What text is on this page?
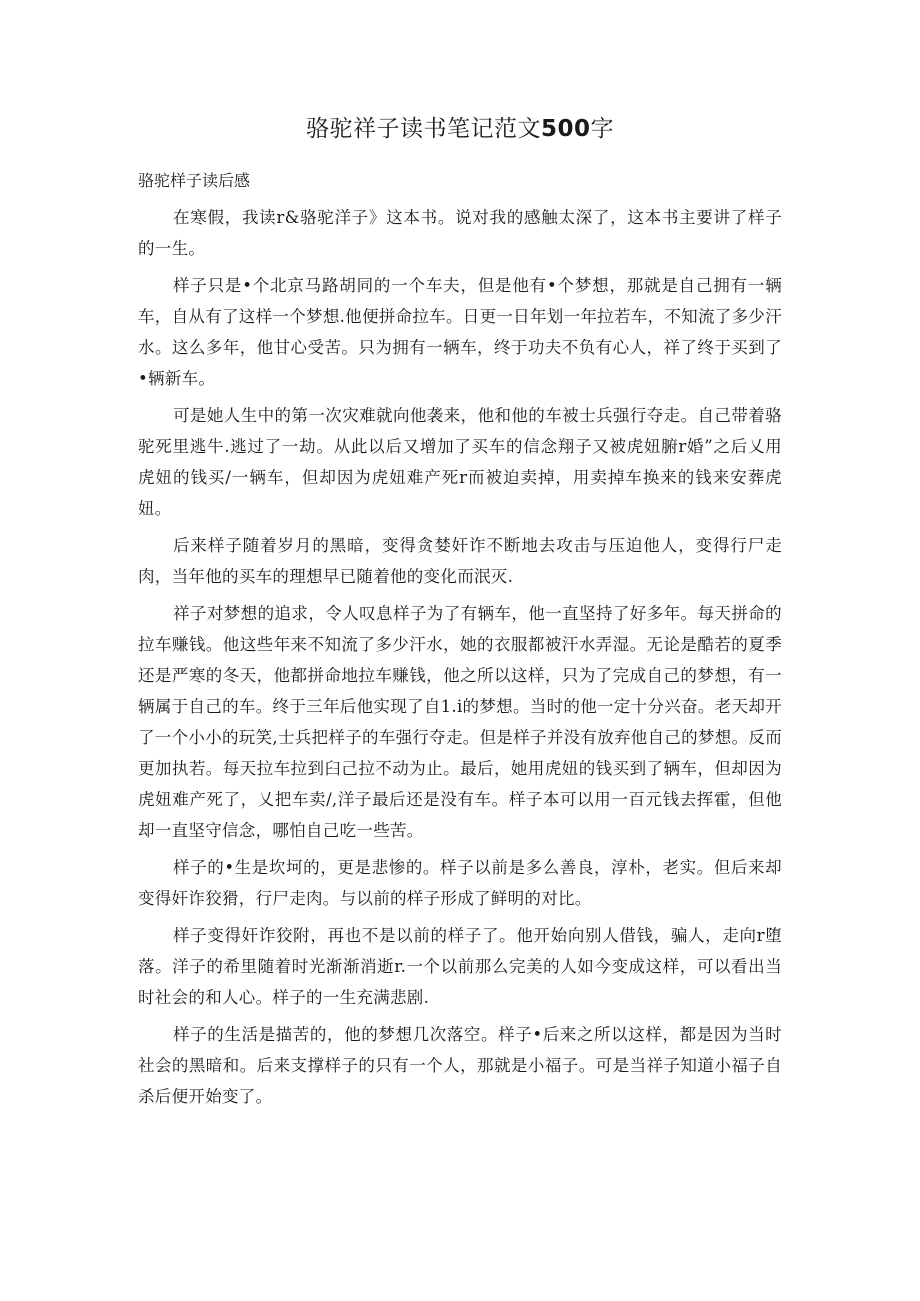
骆驼祥子读书笔记范文500字
骆驼样子读后感

在寒假，我读r&骆驼洋子》这本书。说对我的感触太深了，这本书主要讲了样子的一生。

样子只是•个北京马路胡同的一个车夫，但是他有•个梦想，那就是自己拥有一辆车，自从有了这样一个梦想.他便拼命拉车。日更一日年划一年拉若车，不知流了多少汗水。这么多年，他甘心受苦。只为拥有一辆车，终于功夫不负有心人，祥了终于买到了•辆新车。

可是她人生中的第一次灾难就向他袭来，他和他的车被士兵强行夺走。自己带着骆驼死里逃牛.逃过了一劫。从此以后又增加了买车的信念翔子又被虎妞腑r婚”之后乂用虎妞的钱买/一辆车，但却因为虎妞难产死r而被迫卖掉，用卖掉车换来的钱来安葬虎妞。

后来样子随着岁月的黑暗，变得贪婪奸诈不断地去攻击与压迫他人，变得行尸走肉，当年他的买车的理想早已随着他的变化而泯灭.

祥子对梦想的追求，令人叹息样子为了有辆车，他一直坚持了好多年。每天拼命的拉车赚钱。他这些年来不知流了多少汗水，她的衣服都被汗水弄湿。无论是酷若的夏季还是严寒的冬天，他都拼命地拉车赚钱，他之所以这样，只为了完成自己的梦想，有一辆属于自己的车。终于三年后他实现了自1.i的梦想。当时的他一定十分兴奋。老天却开了一个小小的玩笑,士兵把样子的车强行夺走。但是样子并没有放弃他自己的梦想。反而更加执若。每天拉车拉到臼己拉不动为止。最后，她用虎妞的钱买到了辆车，但却因为虎妞难产死了，乂把车卖/,洋子最后还是没有车。样子本可以用一百元钱去挥霍，但他却一直坚守信念，哪怕自己吃一些苦。

样子的•生是坎坷的，更是悲惨的。样子以前是多么善良，淳朴，老实。但后来却变得奸诈狡猾，行尸走肉。与以前的样子形成了鲜明的对比。

样子变得奸诈狡附，再也不是以前的样子了。他开始向别人借钱，骗人，走向r堕落。洋子的希里随着时光渐渐消逝r.一个以前那么完美的人如今变成这样，可以看出当时社会的和人心。样子的一生充满悲剧.

样子的生活是描苦的，他的梦想几次落空。样子•后来之所以这样，都是因为当时社会的黑暗和。后来支撑样子的只有一个人，那就是小福子。可是当祥子知道小福子自杀后便开始变了。
